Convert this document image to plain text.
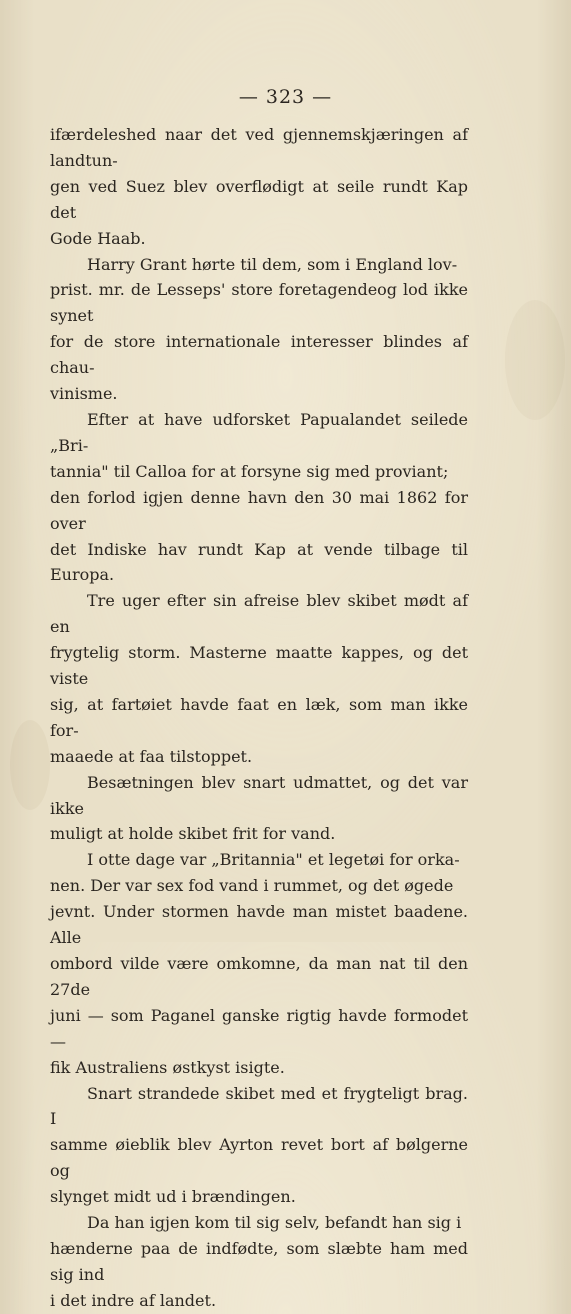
— 323 —

ifærdeleshed naar det ved gjennemskjæringen af landtun-
gen ved Suez blev overflødigt at seile rundt Kap det
Gode Haab.

Harry Grant hørte til dem, som i England lov-
prist. mr. de Lesseps' store foretagendeog lod ikke synet
for de store internationale interesser blindes af chau-
vinisme.

Efter at have udforsket Papualandet seilede „Bri-
tannia" til Calloa for at forsyne sig med proviant;
den forlod igjen denne havn den 30 mai 1862 for over
det Indiske hav rundt Kap at vende tilbage til Europa.

Tre uger efter sin afreise blev skibet mødt af en
frygtelig storm. Masterne maatte kappes, og det viste
sig, at fartøiet havde faat en læk, som man ikke for-
maaede at faa tilstoppet.

Besætningen blev snart udmattet, og det var ikke
muligt at holde skibet frit for vand.

I otte dage var „Britannia" et legetøi for orka-
nen. Der var sex fod vand i rummet, og det øgede
jevnt. Under stormen havde man mistet baadene. Alle
ombord vilde være omkomne, da man nat til den 27de
juni — som Paganel ganske rigtig havde formodet —
fik Australiens østkyst isigte.

Snart strandede skibet med et frygteligt brag. I
samme øieblik blev Ayrton revet bort af bølgerne og
slynget midt ud i brændingen.

Da han igjen kom til sig selv, befandt han sig i
hænderne paa de indfødte, som slæbte ham med sig ind
i det indre af landet.
